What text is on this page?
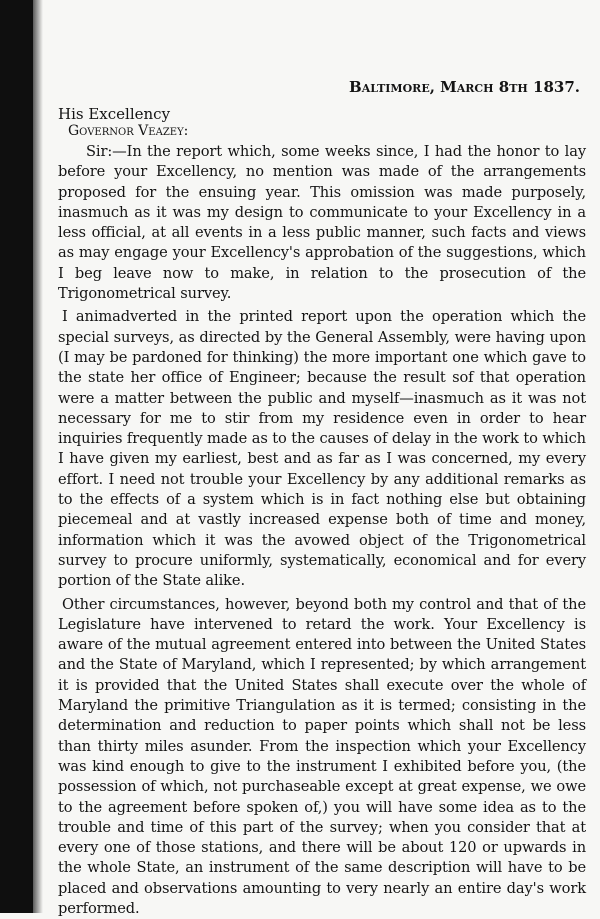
Baltimore, March 8th 1837.
His Excellency
Governor Veazey:

Sir:—In the report which, some weeks since, I had the honor to lay before your Excellency, no mention was made of the arrangements proposed for the ensuing year. This omission was made purposely, inasmuch as it was my design to communicate to your Excellency in a less official, at all events in a less public manner, such facts and views as may engage your Excellency's approbation of the suggestions, which I beg leave now to make, in relation to the prosecution of the Trigonometrical survey.

I animadverted in the printed report upon the operation which the special surveys, as directed by the General Assembly, were having upon (I may be pardoned for thinking) the more important one which gave to the state her office of Engineer; because the result sof that operation were a matter between the public and myself—inasmuch as it was not necessary for me to stir from my residence even in order to hear inquiries frequently made as to the causes of delay in the work to which I have given my earliest, best and as far as I was concerned, my every effort. I need not trouble your Excellency by any additional remarks as to the effects of a system which is in fact nothing else but obtaining piecemeal and at vastly increased expense both of time and money, information which it was the avowed object of the Trigonometrical survey to procure uniformly, systematically, economical and for every portion of the State alike.

Other circumstances, however, beyond both my control and that of the Legislature have intervened to retard the work. Your Excellency is aware of the mutual agreement entered into between the United States and the State of Maryland, which I represented; by which arrangement it is provided that the United States shall execute over the whole of Maryland the primitive Triangulation as it is termed; consisting in the determination and reduction to paper points which shall not be less than thirty miles asunder. From the inspection which your Excellency was kind enough to give to the instrument I exhibited before you, (the possession of which, not purchaseable except at great expense, we owe to the agreement before spoken of,) you will have some idea as to the trouble and time of this part of the survey; when you consider that at every one of those stations, and there will be about 120 or upwards in the whole State, an instrument of the same description will have to be placed and observations amounting to very nearly an entire day's work performed.
